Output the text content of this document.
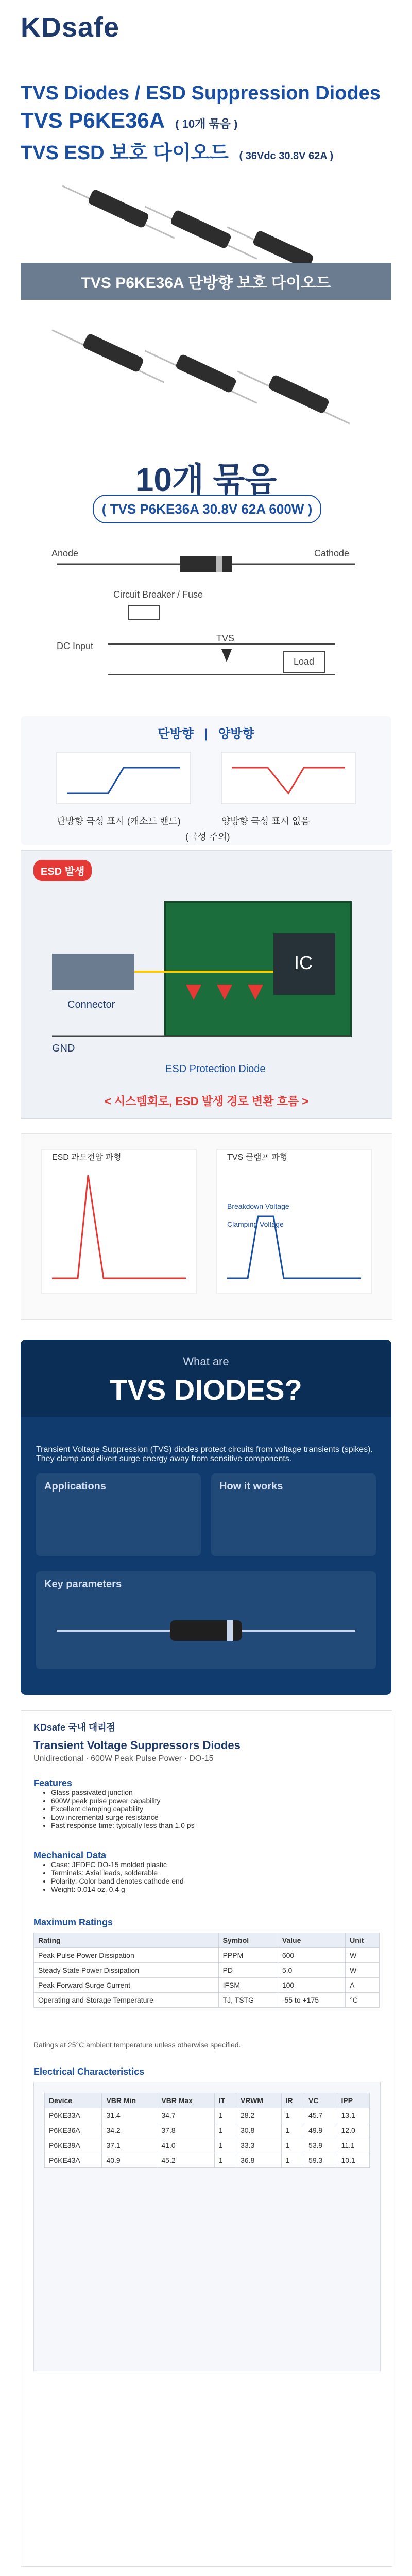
KDsafe
TVS Diodes / ESD Suppression Diodes
TVS P6KE36A ( 10개 묶음 )
TVS ESD 보호 다이오드 ( 36Vdc 30.8V 62A )
TVS P6KE36A 단방향 보호 다이오드
10개 묶음
( TVS P6KE36A 30.8V 62A 600W )
Anode	Cathode
Circuit Breaker / Fuse
DC Input
TVS
Load
단방향 | 양방향
단방향 극성 표시 (캐소드 밴드)	양방향 극성 표시 없음
(극성 주의)
ESD 발생
IC
Connector
GND
ESD Protection Diode
< 시스템회로, ESD 발생 경로 변환 흐름 >
ESD 과도전압 파형	TVS 클램프 파형
Breakdown Voltage
Clamping Voltage
What are
TVS DIODES?
Transient Voltage Suppression (TVS) diodes protect circuits from voltage transients (spikes). They clamp and divert surge energy away from sensitive components.
Applications	How it works
Key parameters
KDsafe 국내 대리점
Transient Voltage Suppressors Diodes
Unidirectional · 600W Peak Pulse Power · DO-15
Features
• Glass passivated junction
• 600W peak pulse power capability
• Excellent clamping capability
• Low incremental surge resistance
• Fast response time: typically less than 1.0 ps
Mechanical Data
• Case: JEDEC DO-15 molded plastic
• Terminals: Axial leads, solderable
• Polarity: Color band denotes cathode end
• Weight: 0.014 oz, 0.4 g
Maximum Ratings
Rating	Symbol	Value	Unit
Peak Pulse Power Dissipation	PPPM	600	W
Steady State Power Dissipation	PD	5.0	W
Peak Forward Surge Current	IFSM	100	A
Operating and Storage Temperature	TJ, TSTG	-55 to +175	°C
Ratings at 25°C ambient temperature unless otherwise specified.
Electrical Characteristics
Device	VBR Min	VBR Max	IT	VRWM	IR	VC	IPP
P6KE33A	31.4	34.7	1	28.2	1	45.7	13.1
P6KE36A	34.2	37.8	1	30.8	1	49.9	12.0
P6KE39A	37.1	41.0	1	33.3	1	53.9	11.1
P6KE43A	40.9	45.2	1	36.8	1	59.3	10.1
